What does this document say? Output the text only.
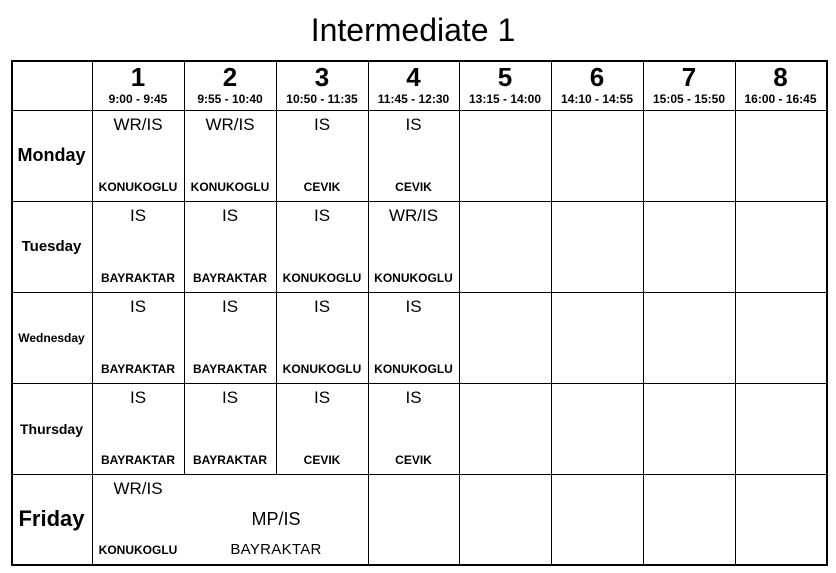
Intermediate 1
1
9:00 - 9:45
2
9:55 - 10:40
3
10:50 - 11:35
4
11:45 - 12:30
5
13:15 - 14:00
6
14:10 - 14:55
7
15:05 - 15:50
8
16:00 - 16:45
Monday
WR/IS
KONUKOGLU
WR/IS
KONUKOGLU
IS
CEVIK
IS
CEVIK
Tuesday
IS
BAYRAKTAR
IS
BAYRAKTAR
IS
KONUKOGLU
WR/IS
KONUKOGLU
Wednesday
IS
BAYRAKTAR
IS
BAYRAKTAR
IS
KONUKOGLU
IS
KONUKOGLU
Thursday
IS
BAYRAKTAR
IS
BAYRAKTAR
IS
CEVIK
IS
CEVIK
Friday
WR/IS
KONUKOGLU
MP/IS
BAYRAKTAR
